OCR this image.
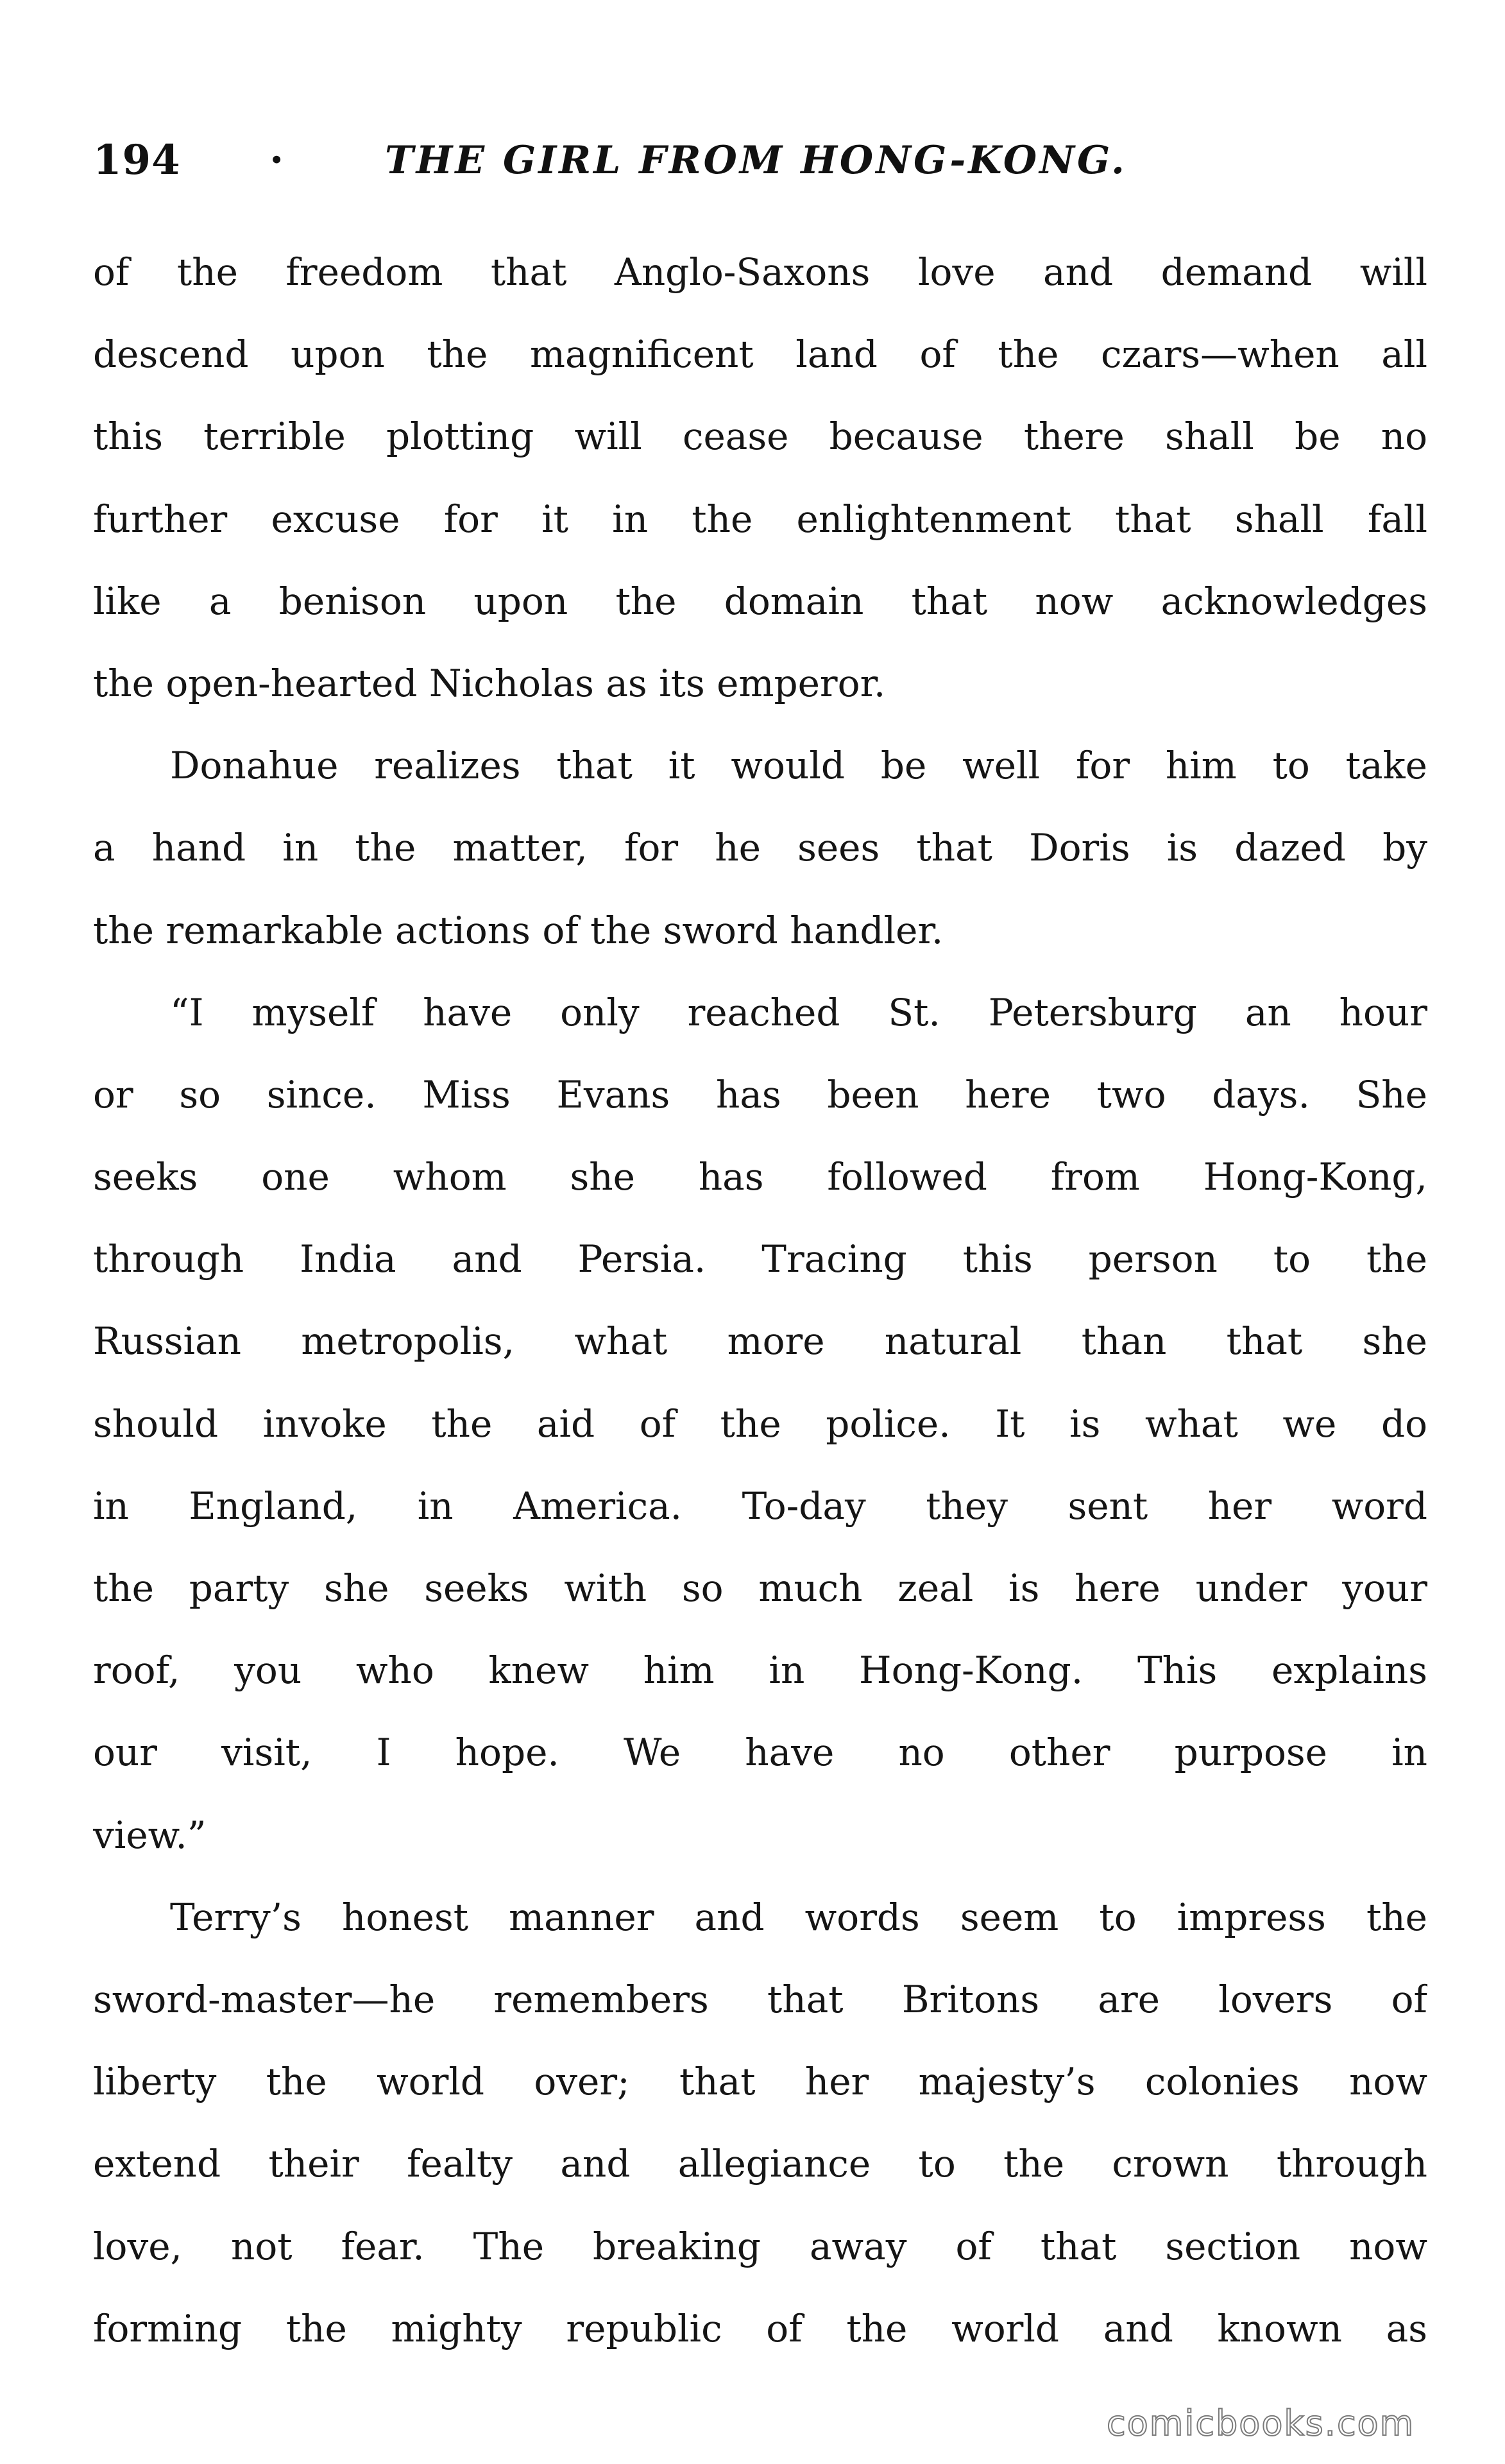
194 ·	THE GIRL FROM HONG-KONG.
of the freedom that Anglo-Saxons love and demand will
descend upon the magnificent land of the czars—when all
this terrible plotting will cease because there shall be no
further excuse for it in the enlightenment that shall fall
like a benison upon the domain that now acknowledges
the open-hearted Nicholas as its emperor.
Donahue realizes that it would be well for him to take
a hand in the matter, for he sees that Doris is dazed by
the remarkable actions of the sword handler.
“I myself have only reached St. Petersburg an hour
or so since. Miss Evans has been here two days. She
seeks one whom she has followed from Hong-Kong,
through India and Persia. Tracing this person to the
Russian metropolis, what more natural than that she
should invoke the aid of the police. It is what we do
in England, in America. To-day they sent her word
the party she seeks with so much zeal is here under your
roof, you who knew him in Hong-Kong. This explains
our visit, I hope. We have no other purpose in
view.”
Terry’s honest manner and words seem to impress the
sword-master—he remembers that Britons are lovers of
liberty the world over; that her majesty’s colonies now
extend their fealty and allegiance to the crown through
love, not fear. The breaking away of that section now
forming the mighty republic of the world and known as
comicbooks.com
